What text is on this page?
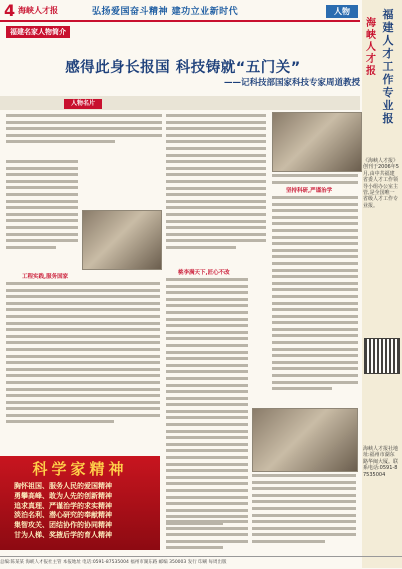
4 海峡人才报	弘扬爱国奋斗精神 建功立业新时代	人物
福建名家人物简介
感得此身长报国 科技铸就“五门关”
——记科技部国家科技专家周道教授
人物名片
工程实践,服务国家
桃李满天下,匠心不改
坚持科研,严谨治学
科学家精神
胸怀祖国、服务人民的爱国精神
勇攀高峰、敢为人先的创新精神
追求真理、严谨治学的求实精神
淡泊名利、潜心研究的奉献精神
集智攻关、团结协作的协同精神
甘为人梯、奖掖后学的育人精神
海峡人才报
福建人才工作专业报
《海峡人才报》创刊于2006年5月,由中共福建省委人才工作领导小组办公室主管,是全国唯一省级人才工作专业报。
海峡人才报社地址:福州市湖东路华闽大厦。联系电话:0591-87535004
总编:陈某某 海峡人才报社主管 本报地址 电话:0591-87535004 福州市湖东路 邮编 350003 发行 印刷 每周出版
